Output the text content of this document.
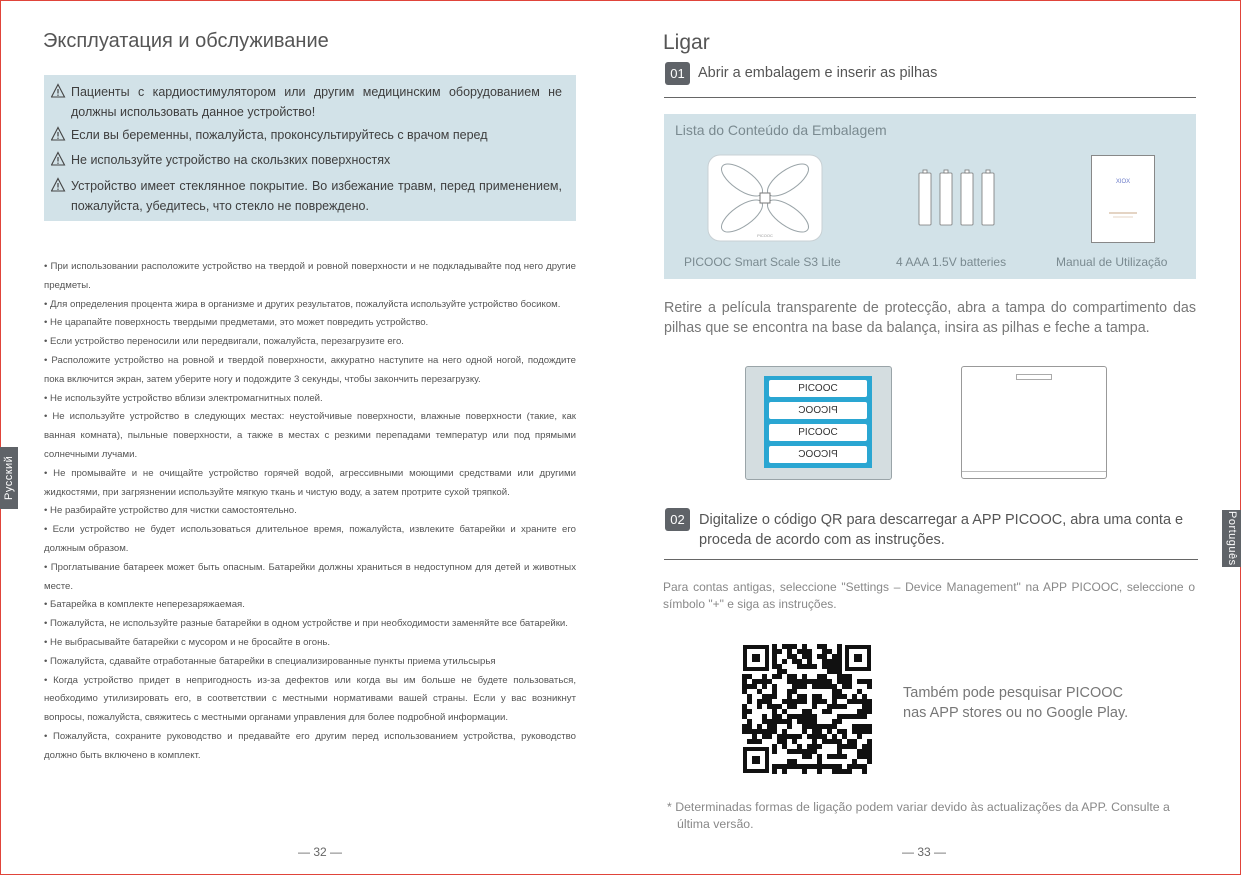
Русский
Эксплуатация и обслуживание
Пациенты с кардиостимулятором или другим медицинским оборудованием не должны использовать данное устройство!
Если вы беременны, пожалуйста, проконсультируйтесь с врачом перед
Не используйте устройство на скользких поверхностях
Устройство имеет стеклянное покрытие. Во избежание травм, перед применением, пожалуйста, убедитесь, что стекло не повреждено.

• При использовании расположите устройство на твердой и ровной поверхности и не подкладывайте под него другие предметы.

• Для определения процента жира в организме и других результатов, пожалуйста используйте устройство босиком.

• Не царапайте поверхность твердыми предметами, это может повредить устройство.

• Если устройство переносили или передвигали, пожалуйста, перезагрузите его.

• Расположите устройство на ровной и твердой поверхности, аккуратно наступите на него одной ногой, подождите пока включится экран, затем уберите ногу и подождите 3 секунды, чтобы закончить перезагрузку.

• Не используйте устройство вблизи электромагнитных полей.

• Не используйте устройство в следующих местах: неустойчивые поверхности, влажные поверхности (такие, как ванная комната), пыльные поверхности, а также в местах с резкими перепадами температур или под прямыми солнечными лучами.

• Не промывайте и не очищайте устройство горячей водой, агрессивными моющими средствами или другими жидкостями, при загрязнении используйте мягкую ткань и чистую воду, а затем протрите сухой тряпкой.

• Не разбирайте устройство для чистки самостоятельно.

• Если устройство не будет использоваться длительное время, пожалуйста, извлеките батарейки и храните его должным образом.

• Проглатывание батареек может быть опасным. Батарейки должны храниться в недоступном для детей и животных месте.

• Батарейка в комплекте неперезаряжаемая.

• Пожалуйста, не используйте разные батарейки в одном устройстве и при необходимости заменяйте все батарейки.

• Не выбрасывайте батарейки с мусором и не бросайте в огонь.

• Пожалуйста, сдавайте отработанные батарейки в специализированные пункты приема утильсырья

• Когда устройство придет в непригодность из-за дефектов или когда вы им больше не будете пользоваться, необходимо утилизировать его, в соответствии с местными нормативами вашей страны. Если у вас возникнут вопросы, пожалуйста, свяжитесь с местными органами управления для более подробной информации.

• Пожалуйста, сохраните руководство и предавайте его другим перед использованием устройства, руководство должно быть включено в комплект.

— 32 —
Português
Ligar
01 Abrir a embalagem e inserir as pilhas
Lista do Conteúdo da Embalagem
PICOOC
XIOX
PICOOC Smart Scale S3 Lite	4 AAA 1.5V batteries	Manual de Utilização
Retire a película transparente de protecção, abra a tampa do compartimento das pilhas que se encontra na base da balança, insira as pilhas e feche a tampa.
PICOOC
PICOOC
PICOOC
PICOOC
02 Digitalize o código QR para descarregar a APP PICOOC, abra uma conta e proceda de acordo com as instruções.
Para contas antigas, seleccione "Settings – Device Management" na APP PICOOC, seleccione o símbolo "+" e siga as instruções.
Também pode pesquisar PICOOC
nas APP stores ou no Google Play.
* Determinadas formas de ligação podem variar devido às actualizações da APP. Consulte a última versão.
— 33 —
